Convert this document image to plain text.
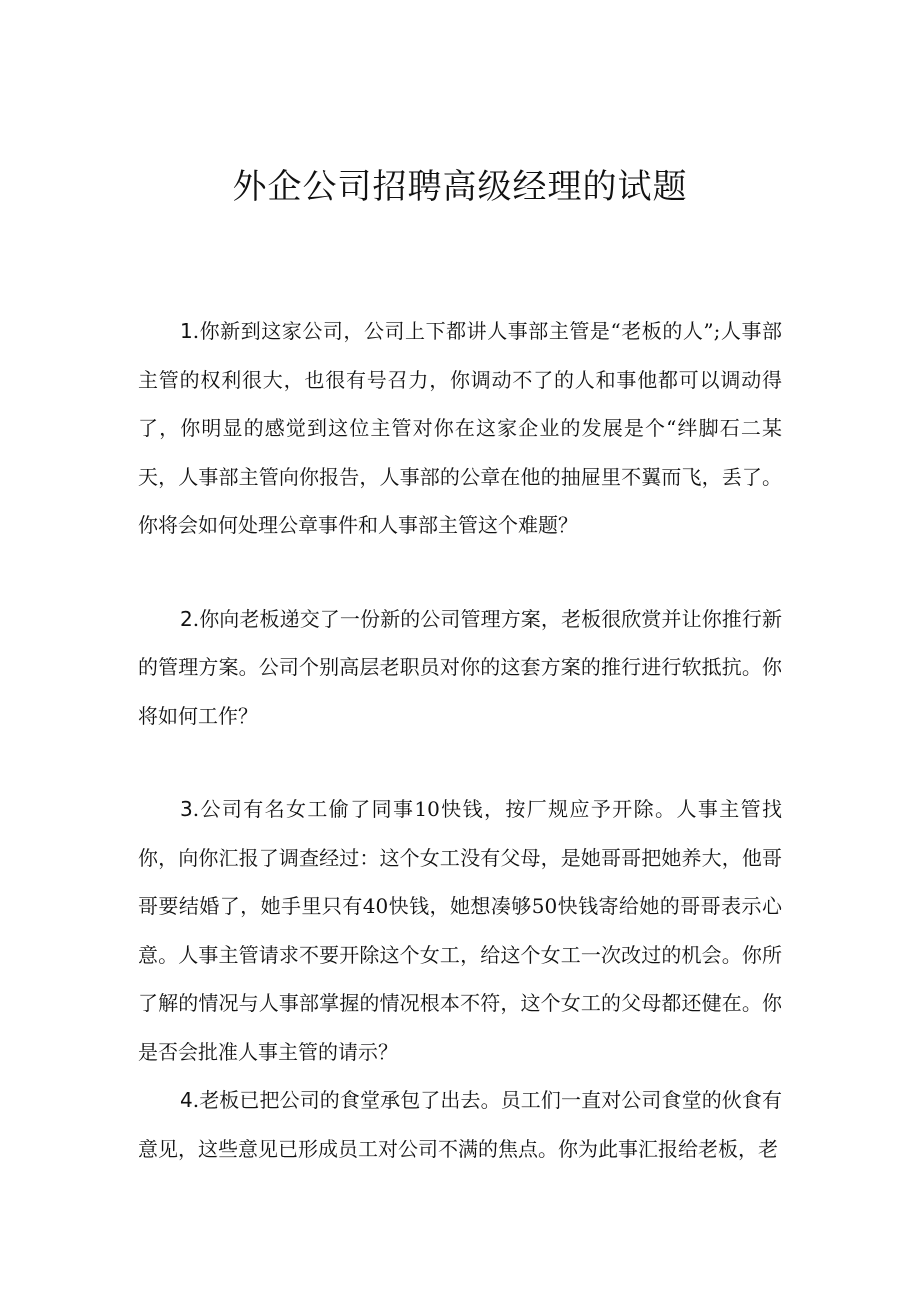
外企公司招聘高级经理的试题

1.你新到这家公司，公司上下都讲人事部主管是“老板的人”;人事部主管的权利很大，也很有号召力，你调动不了的人和事他都可以调动得了，你明显的感觉到这位主管对你在这家企业的发展是个“绊脚石二某天，人事部主管向你报告，人事部的公章在他的抽屉里不翼而飞，丢了。你将会如何处理公章事件和人事部主管这个难题？

2.你向老板递交了一份新的公司管理方案，老板很欣赏并让你推行新的管理方案。公司个别高层老职员对你的这套方案的推行进行软抵抗。你将如何工作？

3.公司有名女工偷了同事10快钱，按厂规应予开除。人事主管找你，向你汇报了调查经过：这个女工没有父母，是她哥哥把她养大，他哥哥要结婚了，她手里只有40快钱，她想凑够50快钱寄给她的哥哥表示心意。人事主管请求不要开除这个女工，给这个女工一次改过的机会。你所了解的情况与人事部掌握的情况根本不符，这个女工的父母都还健在。你是否会批准人事主管的请示？

4.老板已把公司的食堂承包了出去。员工们一直对公司食堂的伙食有意见，这些意见已形成员工对公司不满的焦点。你为此事汇报给老板，老
